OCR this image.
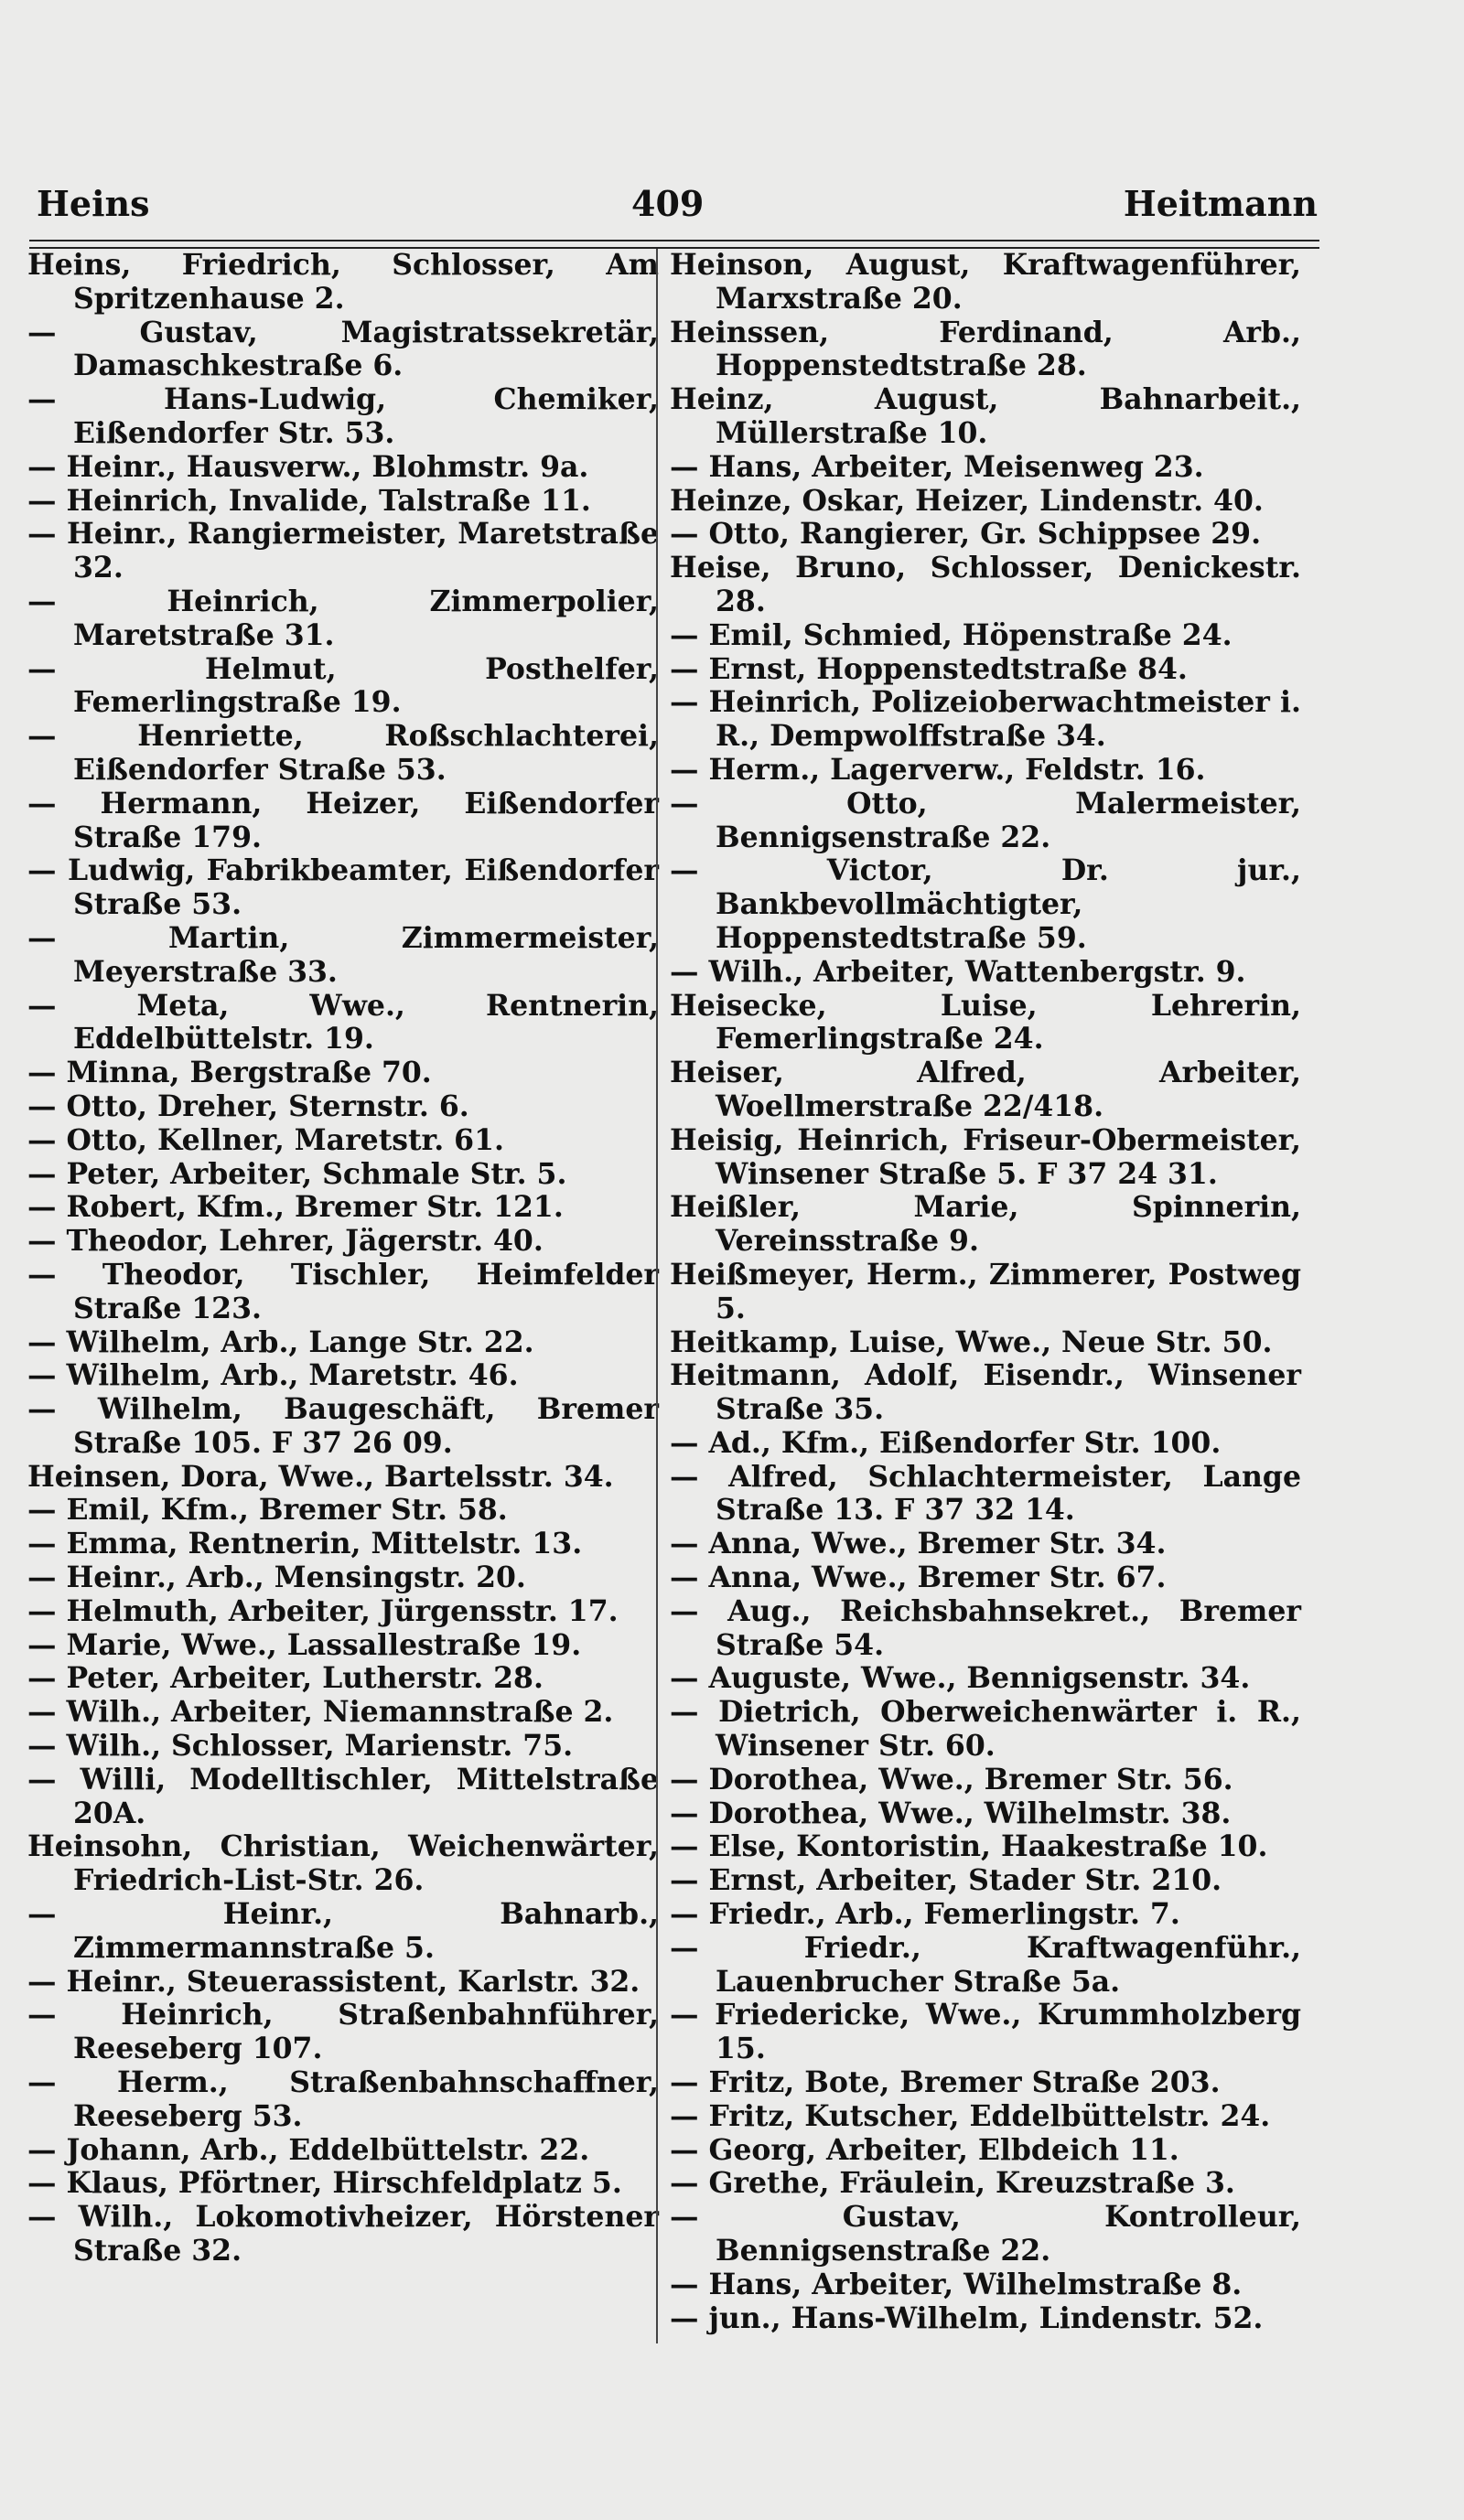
Heins	409	Heitmann
Heins, Friedrich, Schlosser, Am Spritzenhause 2.
— Gustav, Magistratssekretär, Damaschkestraße 6.
— Hans-Ludwig, Chemiker, Eißendorfer Str. 53.
— Heinr., Hausverw., Blohmstr. 9a.
— Heinrich, Invalide, Talstraße 11.
— Heinr., Rangiermeister, Maretstraße 32.
— Heinrich, Zimmerpolier, Maretstraße 31.
— Helmut, Posthelfer, Femerlingstraße 19.
— Henriette, Roßschlachterei, Eißendorfer Straße 53.
— Hermann, Heizer, Eißendorfer Straße 179.
— Ludwig, Fabrikbeamter, Eißendorfer Straße 53.
— Martin, Zimmermeister, Meyerstraße 33.
— Meta, Wwe., Rentnerin, Eddelbüttelstr. 19.
— Minna, Bergstraße 70.
— Otto, Dreher, Sternstr. 6.
— Otto, Kellner, Maretstr. 61.
— Peter, Arbeiter, Schmale Str. 5.
— Robert, Kfm., Bremer Str. 121.
— Theodor, Lehrer, Jägerstr. 40.
— Theodor, Tischler, Heimfelder Straße 123.
— Wilhelm, Arb., Lange Str. 22.
— Wilhelm, Arb., Maretstr. 46.
— Wilhelm, Baugeschäft, Bremer Straße 105. F 37 26 09.
Heinsen, Dora, Wwe., Bartelsstr. 34.
— Emil, Kfm., Bremer Str. 58.
— Emma, Rentnerin, Mittelstr. 13.
— Heinr., Arb., Mensingstr. 20.
— Helmuth, Arbeiter, Jürgensstr. 17.
— Marie, Wwe., Lassallestraße 19.
— Peter, Arbeiter, Lutherstr. 28.
— Wilh., Arbeiter, Niemannstraße 2.
— Wilh., Schlosser, Marienstr. 75.
— Willi, Modelltischler, Mittelstraße 20A.
Heinsohn, Christian, Weichenwärter, Friedrich-List-Str. 26.
— Heinr., Bahnarb., Zimmermannstraße 5.
— Heinr., Steuerassistent, Karlstr. 32.
— Heinrich, Straßenbahnführer, Reeseberg 107.
— Herm., Straßenbahnschaffner, Reeseberg 53.
— Johann, Arb., Eddelbüttelstr. 22.
— Klaus, Pförtner, Hirschfeldplatz 5.
— Wilh., Lokomotivheizer, Hörstener Straße 32.
Heinson, August, Kraftwagenführer, Marxstraße 20.
Heinssen, Ferdinand, Arb., Hoppenstedtstraße 28.
Heinz, August, Bahnarbeit., Müllerstraße 10.
— Hans, Arbeiter, Meisenweg 23.
Heinze, Oskar, Heizer, Lindenstr. 40.
— Otto, Rangierer, Gr. Schippsee 29.
Heise, Bruno, Schlosser, Denickestr. 28.
— Emil, Schmied, Höpenstraße 24.
— Ernst, Hoppenstedtstraße 84.
— Heinrich, Polizeioberwachtmeister i. R., Dempwolffstraße 34.
— Herm., Lagerverw., Feldstr. 16.
— Otto, Malermeister, Bennigsenstraße 22.
— Victor, Dr. jur., Bankbevollmächtigter, Hoppenstedtstraße 59.
— Wilh., Arbeiter, Wattenbergstr. 9.
Heisecke, Luise, Lehrerin, Femerlingstraße 24.
Heiser, Alfred, Arbeiter, Woellmerstraße 22/418.
Heisig, Heinrich, Friseur-Obermeister, Winsener Straße 5. F 37 24 31.
Heißler, Marie, Spinnerin, Vereinsstraße 9.
Heißmeyer, Herm., Zimmerer, Postweg 5.
Heitkamp, Luise, Wwe., Neue Str. 50.
Heitmann, Adolf, Eisendr., Winsener Straße 35.
— Ad., Kfm., Eißendorfer Str. 100.
— Alfred, Schlachtermeister, Lange Straße 13. F 37 32 14.
— Anna, Wwe., Bremer Str. 34.
— Anna, Wwe., Bremer Str. 67.
— Aug., Reichsbahnsekret., Bremer Straße 54.
— Auguste, Wwe., Bennigsenstr. 34.
— Dietrich, Oberweichenwärter i. R., Winsener Str. 60.
— Dorothea, Wwe., Bremer Str. 56.
— Dorothea, Wwe., Wilhelmstr. 38.
— Else, Kontoristin, Haakestraße 10.
— Ernst, Arbeiter, Stader Str. 210.
— Friedr., Arb., Femerlingstr. 7.
— Friedr., Kraftwagenführ., Lauenbrucher Straße 5a.
— Friedericke, Wwe., Krummholzberg 15.
— Fritz, Bote, Bremer Straße 203.
— Fritz, Kutscher, Eddelbüttelstr. 24.
— Georg, Arbeiter, Elbdeich 11.
— Grethe, Fräulein, Kreuzstraße 3.
— Gustav, Kontrolleur, Bennigsenstraße 22.
— Hans, Arbeiter, Wilhelmstraße 8.
— jun., Hans-Wilhelm, Lindenstr. 52.
